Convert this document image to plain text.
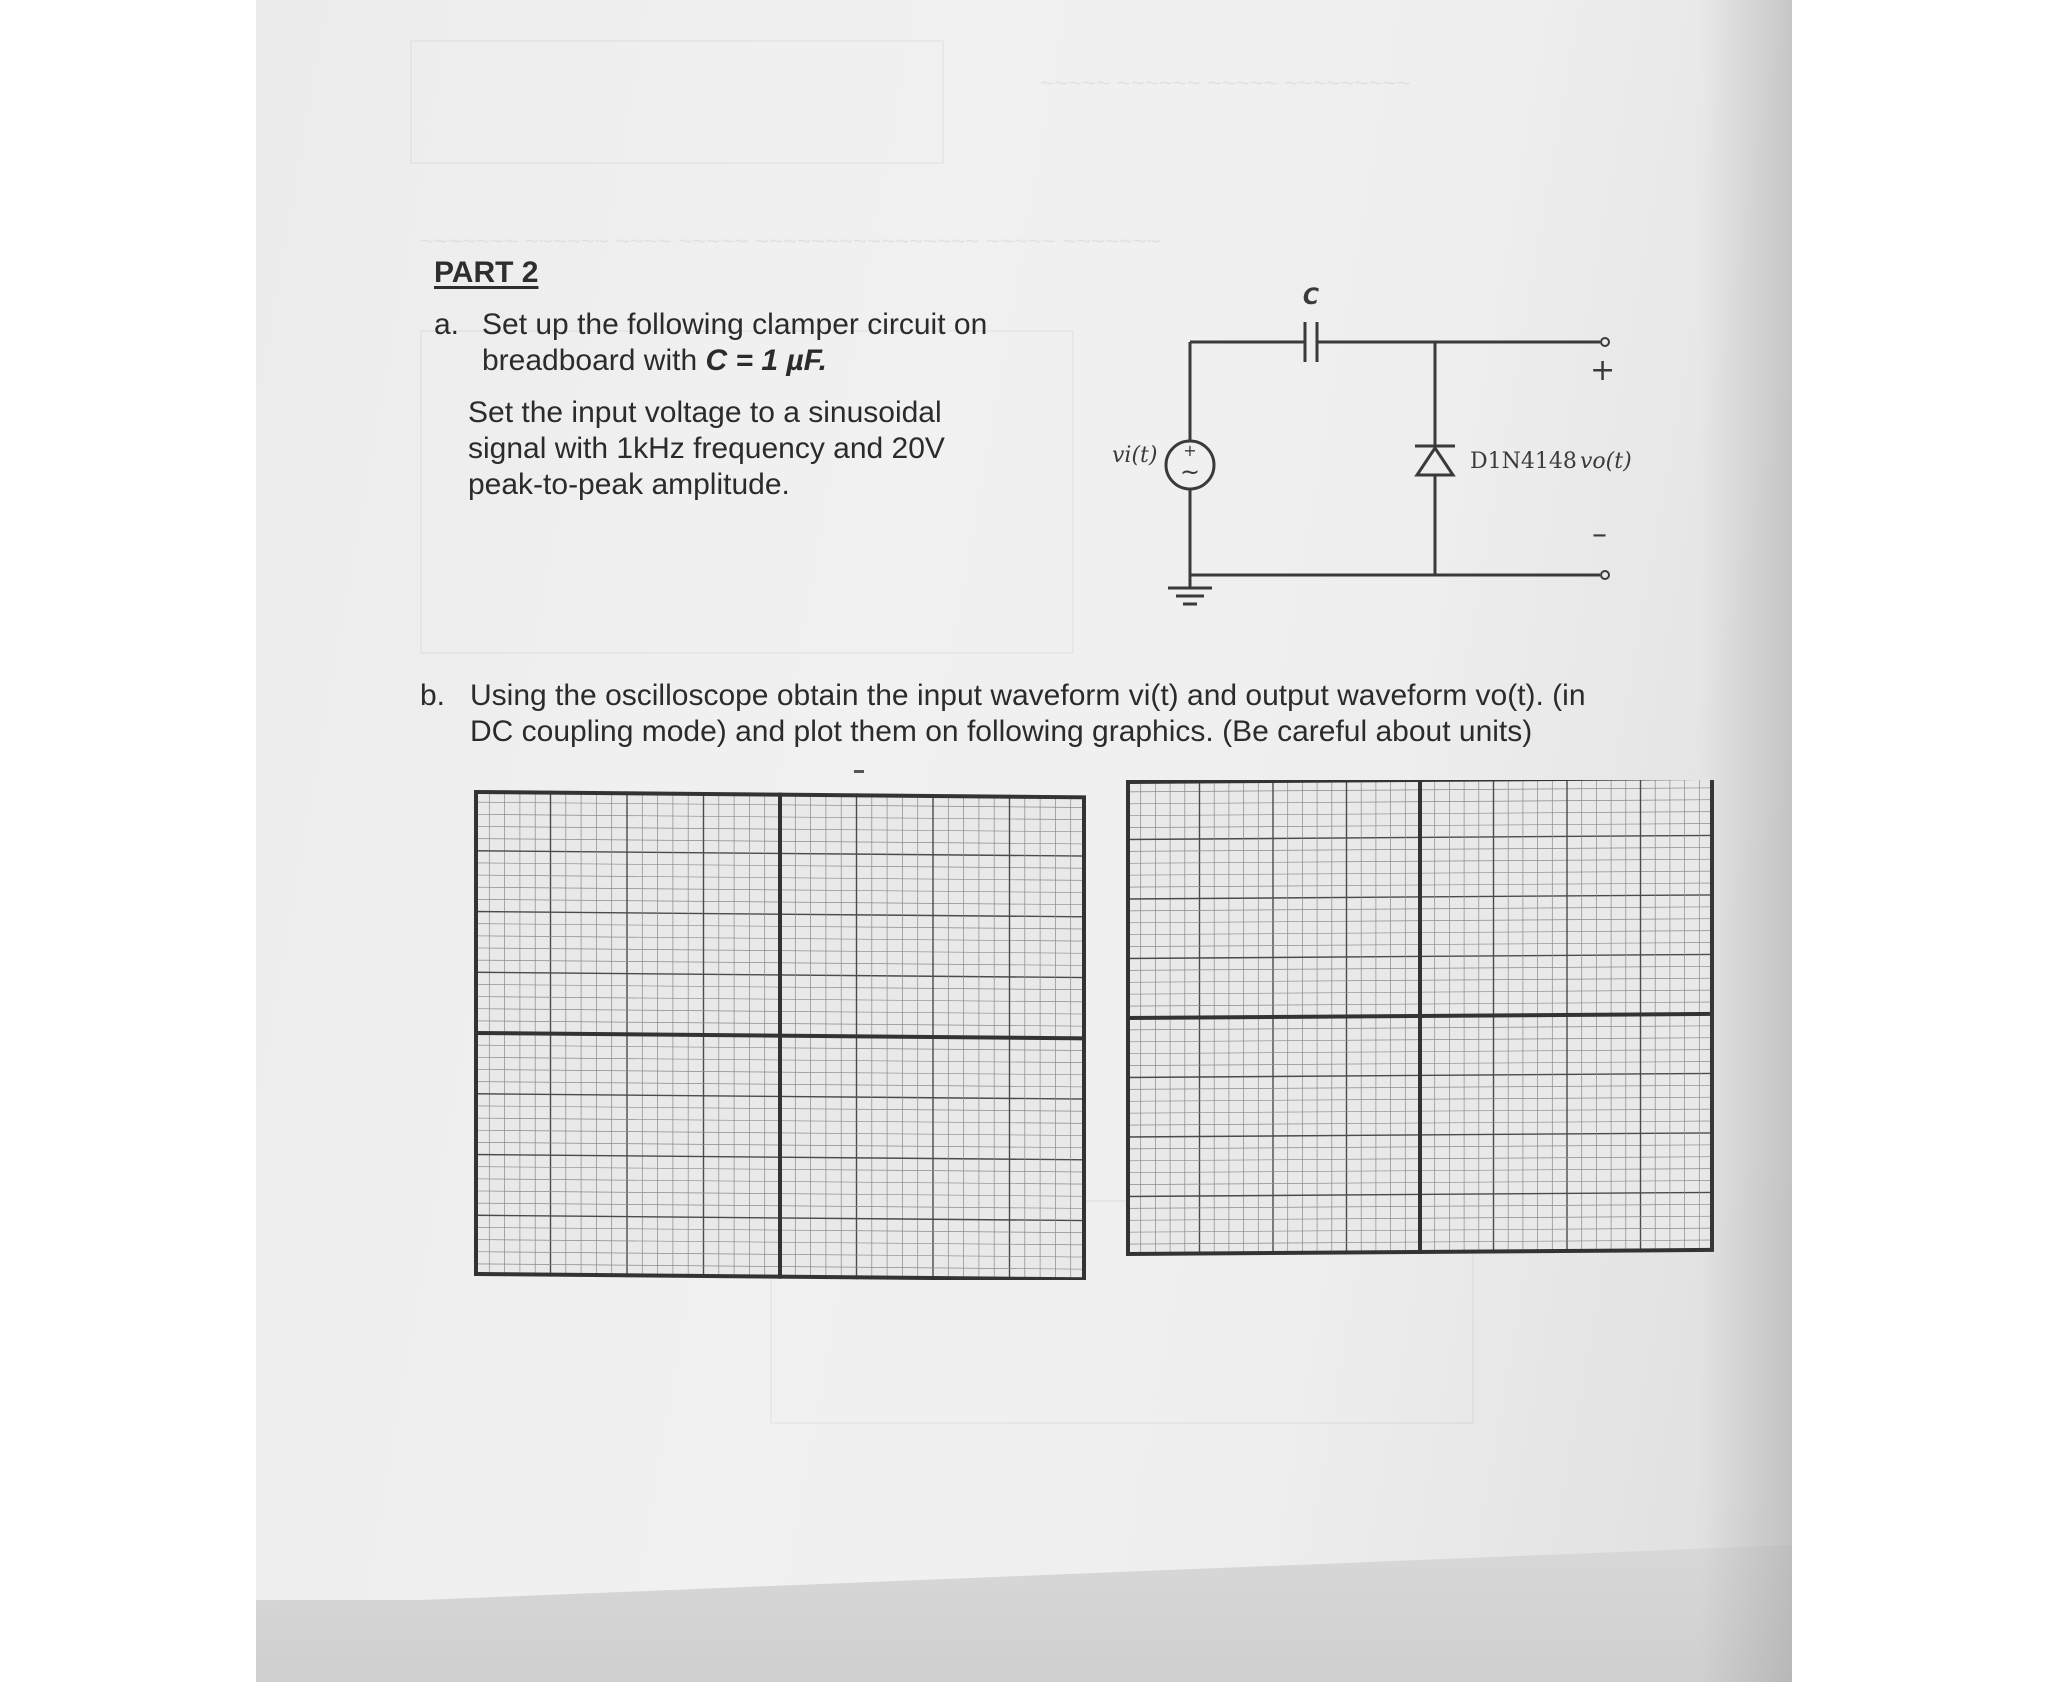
~~~~~ ~~~~~~ ~~~~~ ~~~~~~~~~
~~~~~~~ ~~~~~~ ~~~~ ~~~~~ ~~~~~~~~~~~~~~~~ ~~~~~ ~~~~~~~
PART 2
a. Set up the following clamper circuit on

breadboard with C = 1 µF.

Set the input voltage to a sinusoidal

signal with 1kHz frequency and 20V

peak-to-peak amplitude.

+
~
C
vi(t)	D1N4148
+
vo(t)
–
b. Using the oscilloscope obtain the input waveform vi(t) and output waveform vo(t). (in

DC coupling mode) and plot them on following graphics. (Be careful about units)
